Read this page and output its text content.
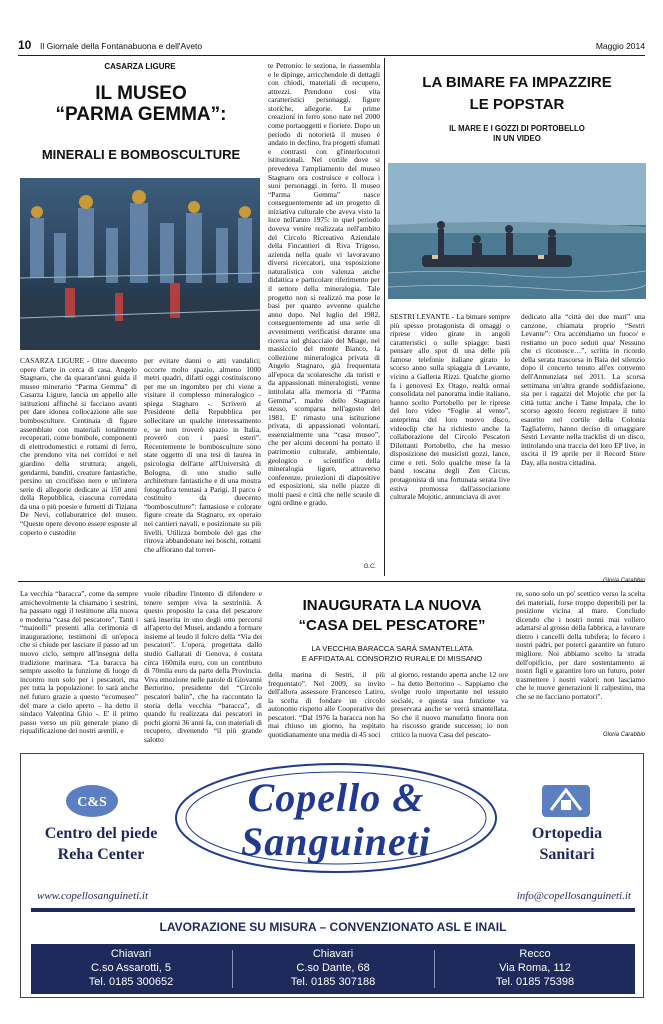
10 Il Giornale della Fontanabuona e dell'Aveto	Maggio 2014
CASARZA LIGURE
IL MUSEO
“PARMA GEMMA”:
MINERALI E BOMBOSCULTURE
CASARZA LIGURE - Oltre duecento opere d'arte in cerca di casa. Angelo Stagnaro, che da quarant'anni guida il museo minerario “Parma Gemma” di Casarza Ligure, lancia un appello alle istituzioni affinché si facciano avanti per dare idonea collocazione alle sue bombosculture. Centinaia di figure assemblate con materiali totalmente recuperati, come bombole, componenti di elettrodomestici e rottami di ferro, che prendono vita nei corridoi e nel giardino della struttura; angeli, gendarmi, banditi, creature fantastiche, persino un crocifisso nero e un'intera serie di allegorie dedicate ai 150 anni della Repubblica, ciascuna corredata da una o più poesie e fumetti di Tiziana De Nevi, collaboratrice del museo. “Queste opere devono essere esposte al coperto e custodite
per evitare danni o atti vandalici; occorre molto spazio, almeno 1000 metri quadri, difatti oggi costituiscono per me un ingombro per chi viene a visitare il complesso mineralogico - spiega Stagnaro -. Scriverò al Presidente della Repubblica per sollecitare un qualche interessamento e, se non troverò spazio in Italia, proverò con i paesi esteri”. Recentemente le bombosculture sono state oggetto di una tesi di laurea in psicologia dell'arte all'Università di Bologna, di uno studio sulle architetture fantastiche e di una mostra fotografica tenutasi a Parigi. Il parco è costituito da duecento “bombosculture”: fantasiose e colorate figure create da Stagnaro, ex operaio nei cantieri navali, e posizionate su più livelli. Utilizza bombole del gas che ritrova abbandonate nei boschi, rottami che affiorano dal torren-
te Petronio: le seziona, le riassembla e le dipinge, arricchendole di dettagli con chiodi, materiali di recupero, attrezzi. Prendono così vita caratteristici personaggi, figure storiche, allegorie. Le prime creazioni in ferro sono nate nel 2000 come portaoggetti e fioriere. Dopo un periodo di notorietà il museo è andato in declino, fra progetti sfumati e contrasti con gl'interlocutori istituzionali. Nel cortile dove si prevedeva l'ampliamento del museo Stagnaro ora costruisce e colloca i suoi personaggi in ferro. Il museo “Parma Gemma” nasce conseguentemente ad un progetto di iniziativa culturale che aveva visto la luce nell'anno 1975: in quel periodo doveva venire realizzata nell'ambito del Circolo Ricreativo Aziendale della Fincantieri di Riva Trigoso, azienda nella quale vi lavoravano diversi ricercatori, una esposizione naturalistica con valenza anche didattica e particolare riferimento per il settore della mineralogia. Tale progetto non si realizzò ma pose le basi per quanto avvenne qualche anno dopo. Nel luglio del 1982, conseguentemente ad una serie di avvenimenti verificatisi durante una ricerca sul ghiacciaio del Miage, nel massiccio del monte Bianco, la collezione mineralogica privata di Angelo Stagnaro, già frequentata all'epoca da scolaresche ,da turisti e da appassionati mineralogisti, venne intitolata alla memoria di “Parma Gemma”, madre dello Stagnaro stesso, scomparsa nell'agosto del 1981. E' rimasto una istituzione privata, di appassionati volontari, essenzialmente una “casa museo”, che per alcuni decenni ha portato il patrimonio culturale, ambientale, geologico e scientifico della mineralogia ligure, attraverso conferenze, proiezioni di diapositive ed esposizioni, sia nelle piazze di molti paesi e città che nelle scuole di ogni ordine e grado.
G.C.
LA BIMARE FA IMPAZZIRE
LE POPSTAR
IL MARE E I GOZZI DI PORTOBELLO
IN UN VIDEO
SESTRI LEVANTE - La bimare sempre più spesso protagonista di omaggi o riprese video girate in angoli caratteristici o sulle spiagge: basti pensare allo spot di una delle più famose telefonie italiane girato lo scorso anno sulla spiaggia di Levante, vicino a Galleria Rizzi. Qualche giorno fa i genovesi Ex Otago, realtà ormai consolidata nel panorama indie italiano, hanno scelto Portobello per le riprese del loro video “Foglie al vento”, anteprima del loro nuovo disco, videoclip che ha richiesto anche la collaborazione del Circolo Pescatori Dilettanti Portobello, che ha messo disposizione dei musicisti gozzi, lance, cime e reti. Solo qualche mese fa la band toscana degli Zen Circus, protagonista di una fortunata serata live estiva promossa dall'associazione culturale Mojotic, annunciava di aver
dedicato alla “città dei due mari” una canzone, chiamata proprio “Sestri Levante”: Ora accendiamo un fuoco/ e restiamo un poco seduti qua/ Nessuno che ci riconosce…”, scritta in ricordo della serata trascorsa in Baia del silenzio dopo il concerto tenuto all'ex convento dell'Annunziata nel 2011. La scorsa settimana un'altra grande soddisfazione, sia per i ragazzi del Mojotic che per la città tutta: anche i Tame Impala, che lo scorso agosto fecero registrare il tutto esaurito nel cortile della Colonia Tagliaferro, hanno deciso di omaggiare Sestri Levante nella tracklist di un disco, intitolando una traccia del loro EP live, in uscita il 19 aprile per il Record Store Day, alla nostra cittadina.
La vecchia “baracca”, come da sempre amichevolmente la chiamano i sestrini, ha passato oggi il testimone alla nuova e moderna “casa del pescatore”. Tanti i “mainolli” presenti alla cerimonia di inaugurazione, testimoni di un'epoca che si chiude per lasciare il passo ad un nuovo ciclo, sempre all'insegna della tradizione marinara. “La baracca ha sempre assolto la funzione di luogo di incontro non solo per i pescatori, ma per tutta la popolazione: lo sarà anche nel futuro grazie a questo “ecomuseo” del mare a cielo aperto – ha detto il sindaco Valentina Ghio -. E' il primo passo verso un più generale piano di riqualificazione dei nostri arenili, e
vuole ribadire l'intento di difendere e tenere sempre viva la sestrinità. A questo proposito la casa del pescatore sarà inserita in uno degli otto percorsi all'aperto dei Musei, andando a formare insieme al leudo il fulcro della “Via dei pescatori”. L'opera, progettata dallo studio Gallarati di Genova, è costata circa 160mila euro, con un contributo di 70mila euro da parte della Provincia. Viva emozione nelle parole di Giovanni Bertorino, presidente del “Circolo pescatori balin”, che ha raccontato la storia della vecchia “baracca”, di quando fu realizzata dai pescatori in pochi giorni 36 anni fa, con materiali di recupero, divenendo “il più grande salotto
INAUGURATA LA NUOVA
“CASA DEL PESCATORE”
LA VECCHIA BARACCA SARÀ SMANTELLATA
E AFFIDATA AL CONSORZIO RURALE DI MISSANO
della marina di Sestri, il più frequentato”. Nel 2009, su invito dell'allora assessore Francesco Latiro, la scelta di fondare un circolo autonomo rispetto alle Cooperative dei pescatori. “Dal 1976 la baracca non ha mai chiuso un giorno, ha ospitato quotidianamente una media di 45 soci
al giorno, restando aperta anche 12 ore – ha detto Bertorino -. Sappiamo che svolge ruolo importante nel tessuto sociale, e questa sua funzione va preservata anche se verrà smantellata. So che il nuovo manufatto finora non ha riscosso grande successo; io non critico la nuova Casa del pescato-
re, sono solo un po' scettico verso la scelta dei materiali, forse troppo deperibili per la posizione vicina al mare. Concludo dicendo che i nostri nonni mai vollero adattarsi al grosso della fabbrica, a lavorare dietro i cancelli della tubifera; lo fecero i nostri padri, per poterci garantire un futuro migliore. Noi abbiamo scelto la strada dell'opificio, per dare sostentamento ai nostri figli e garantire loro un futuro, poter trasmettere i nostri valori: non lasciamo che le nuove generazioni li calpestino, ma che se ne facciano portatori”.
Gloria Carabbio
C&S
Centro del piede
Reha Center
Copello &
Sanguineti	Ortopedia
Sanitari
www.copellosanguineti.it	info@copellosanguineti.it
LAVORAZIONE SU MISURA – CONVENZIONATO ASL E INAIL
Chiavari
C.so Assarotti, 5
Tel. 0185 300652
Chiavari
C.so Dante, 68
Tel. 0185 307188
Recco
Via Roma, 112
Tel. 0185 75398
